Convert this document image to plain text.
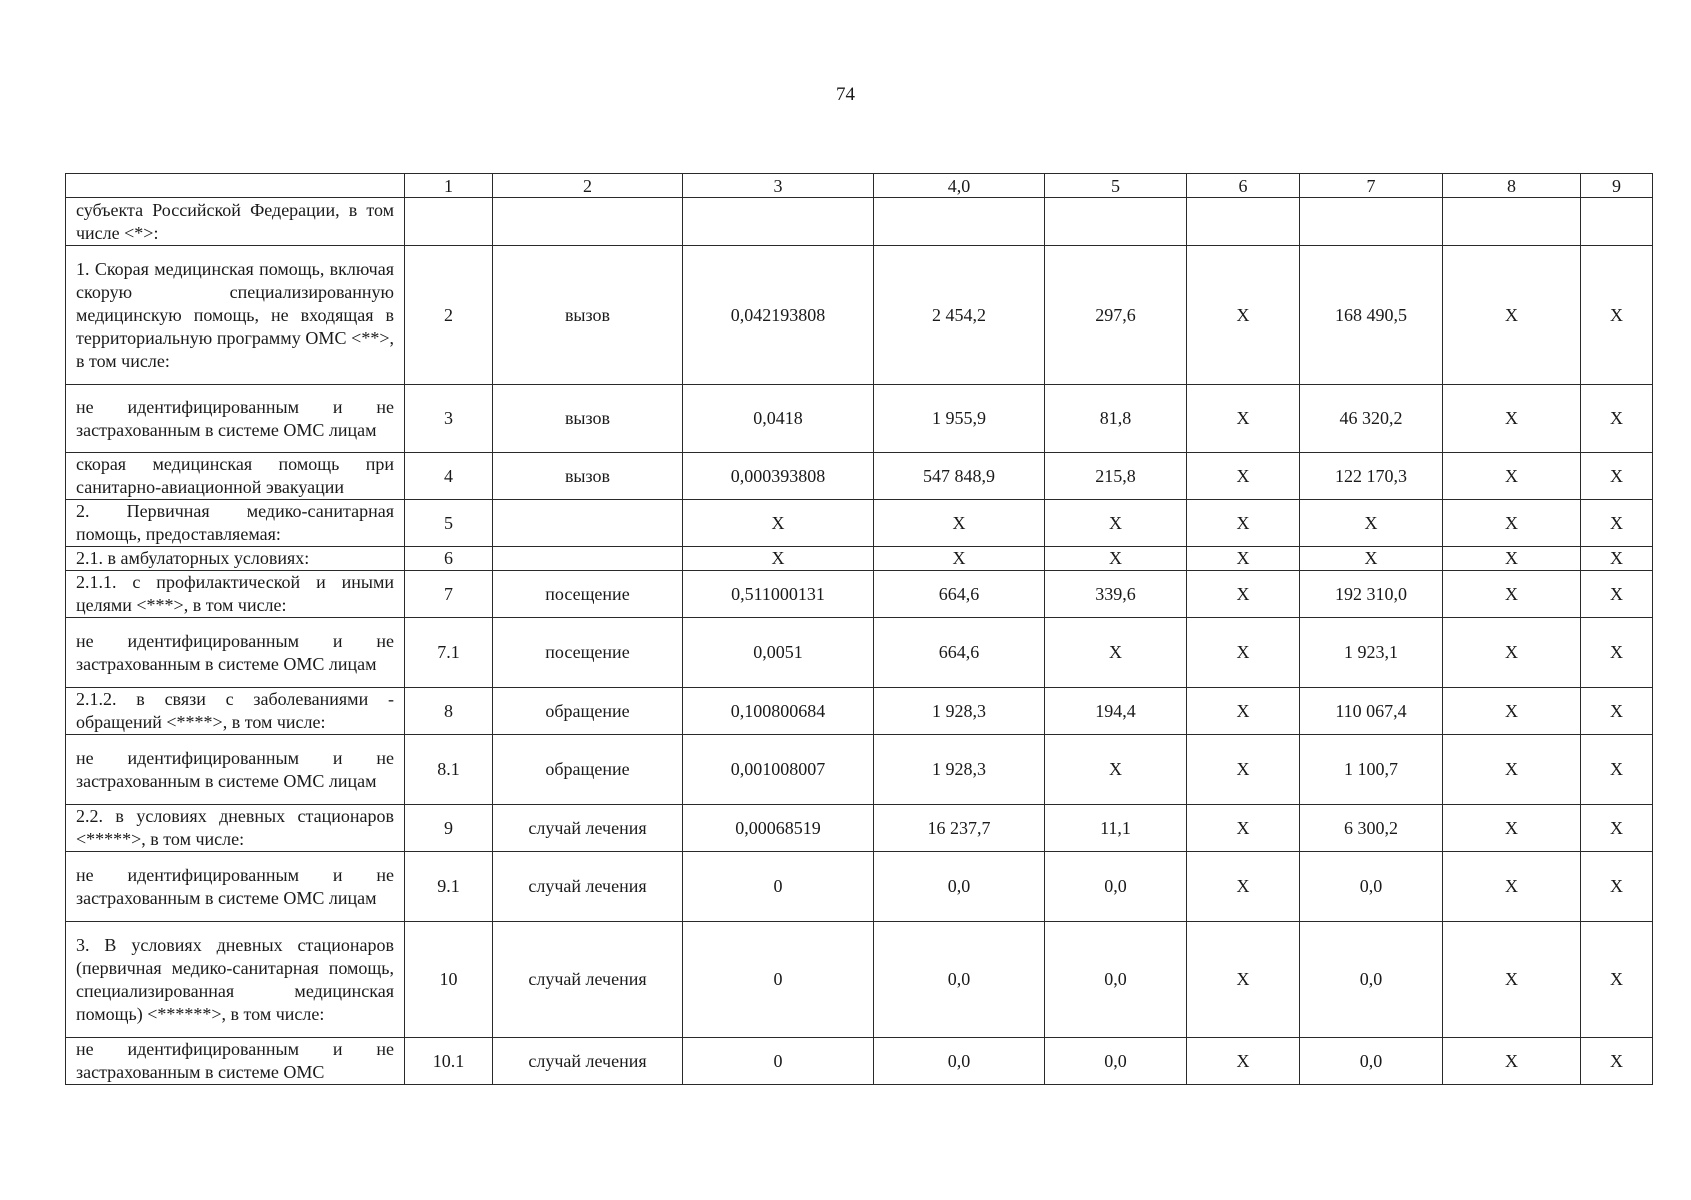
74
	1	2	3	4,0	5	6	7	8	9
субъекта Российской Федерации, в том числе <*>:									
1. Скорая медицинская помощь, включая скорую специализированную медицинскую помощь, не входящая в территориальную программу ОМС <**>, в том числе:	2	вызов	0,042193808	2 454,2	297,6	X	168 490,5	X	X
не идентифицированным и не застрахованным в системе ОМС лицам	3	вызов	0,0418	1 955,9	81,8	X	46 320,2	X	X
скорая медицинская помощь при санитарно-авиационной эвакуации	4	вызов	0,000393808	547 848,9	215,8	X	122 170,3	X	X
2. Первичная медико-санитарная помощь, предоставляемая:	5		X	X	X	X	X	X	X
2.1. в амбулаторных условиях:	6		X	X	X	X	X	X	X
2.1.1. с профилактической и иными целями <***>, в том числе:	7	посещение	0,511000131	664,6	339,6	X	192 310,0	X	X
не идентифицированным и не застрахованным в системе ОМС лицам	7.1	посещение	0,0051	664,6	X	X	1 923,1	X	X
2.1.2. в связи с заболеваниями - обращений <****>, в том числе:	8	обращение	0,100800684	1 928,3	194,4	X	110 067,4	X	X
не идентифицированным и не застрахованным в системе ОМС лицам	8.1	обращение	0,001008007	1 928,3	X	X	1 100,7	X	X
2.2. в условиях дневных стационаров <*****>, в том числе:	9	случай лечения	0,00068519	16 237,7	11,1	X	6 300,2	X	X
не идентифицированным и не застрахованным в системе ОМС лицам	9.1	случай лечения	0	0,0	0,0	X	0,0	X	X
3. В условиях дневных стационаров (первичная медико-санитарная помощь, специализированная медицинская помощь) <******>, в том числе:	10	случай лечения	0	0,0	0,0	X	0,0	X	X
не идентифицированным и не застрахованным в системе ОМС	10.1	случай лечения	0	0,0	0,0	X	0,0	X	X
